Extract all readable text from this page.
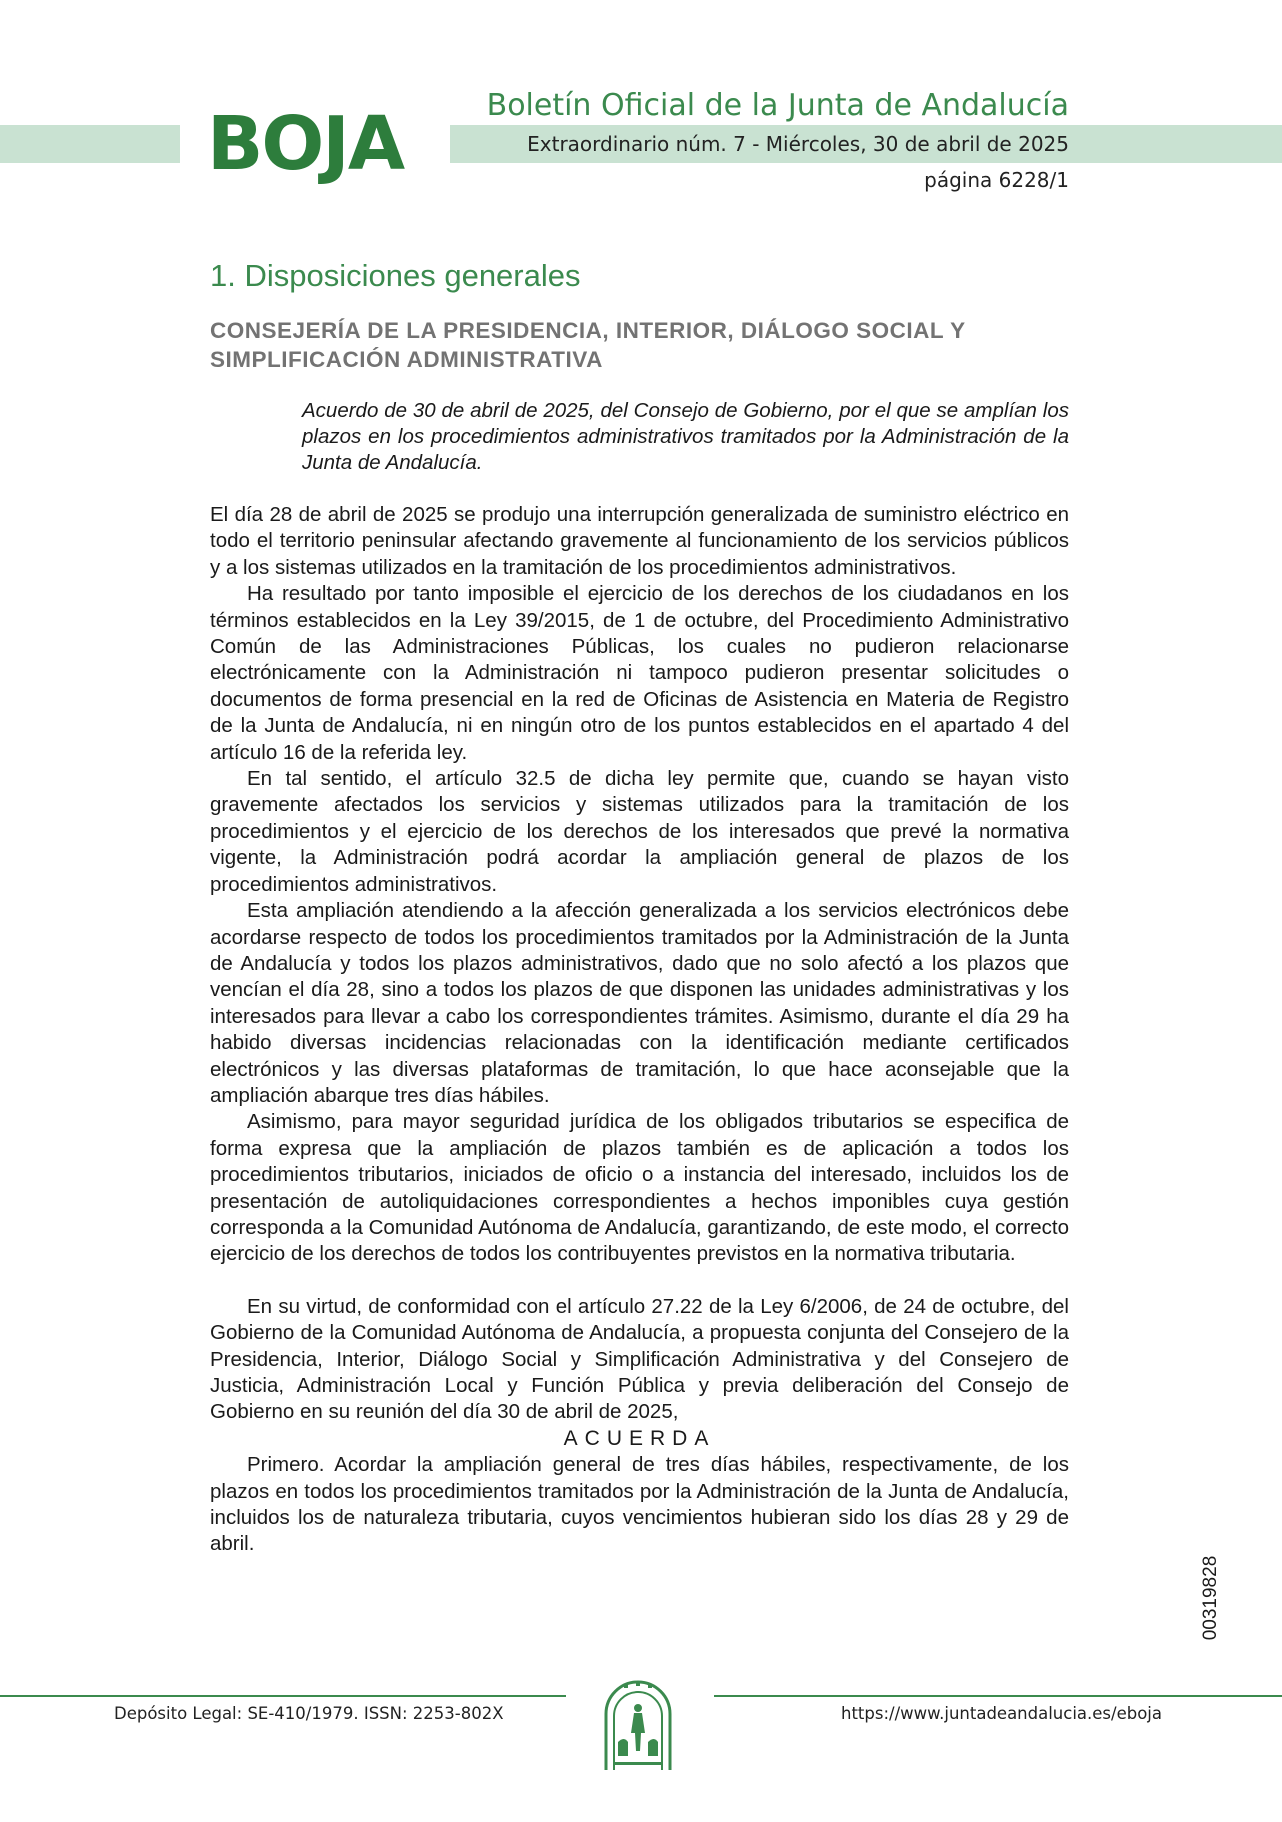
BOJA	Boletín Oficial de la Junta de Andalucía
Extraordinario núm. 7 - Miércoles, 30 de abril de 2025
página 6228/1
1. Disposiciones generales
CONSEJERÍA DE LA PRESIDENCIA, INTERIOR, DIÁLOGO SOCIAL Y SIMPLIFICACIÓN ADMINISTRATIVA
Acuerdo de 30 de abril de 2025, del Consejo de Gobierno, por el que se amplían los plazos en los procedimientos administrativos tramitados por la Administración de la Junta de Andalucía.

El día 28 de abril de 2025 se produjo una interrupción generalizada de suministro eléctrico en todo el territorio peninsular afectando gravemente al funcionamiento de los servicios públicos y a los sistemas utilizados en la tramitación de los procedimientos administrativos.

Ha resultado por tanto imposible el ejercicio de los derechos de los ciudadanos en los términos establecidos en la Ley 39/2015, de 1 de octubre, del Procedimiento Administrativo Común de las Administraciones Públicas, los cuales no pudieron relacionarse electrónicamente con la Administración ni tampoco pudieron presentar solicitudes o documentos de forma presencial en la red de Oficinas de Asistencia en Materia de Registro de la Junta de Andalucía, ni en ningún otro de los puntos establecidos en el apartado 4 del artículo 16 de la referida ley.

En tal sentido, el artículo 32.5 de dicha ley permite que, cuando se hayan visto gravemente afectados los servicios y sistemas utilizados para la tramitación de los procedimientos y el ejercicio de los derechos de los interesados que prevé la normativa vigente, la Administración podrá acordar la ampliación general de plazos de los procedimientos administrativos.

Esta ampliación atendiendo a la afección generalizada a los servicios electrónicos debe acordarse respecto de todos los procedimientos tramitados por la Administración de la Junta de Andalucía y todos los plazos administrativos, dado que no solo afectó a los plazos que vencían el día 28, sino a todos los plazos de que disponen las unidades administrativas y los interesados para llevar a cabo los correspondientes trámites. Asimismo, durante el día 29 ha habido diversas incidencias relacionadas con la identificación mediante certificados electrónicos y las diversas plataformas de tramitación, lo que hace aconsejable que la ampliación abarque tres días hábiles.

Asimismo, para mayor seguridad jurídica de los obligados tributarios se especifica de forma expresa que la ampliación de plazos también es de aplicación a todos los procedimientos tributarios, iniciados de oficio o a instancia del interesado, incluidos los de presentación de autoliquidaciones correspondientes a hechos imponibles cuya gestión corresponda a la Comunidad Autónoma de Andalucía, garantizando, de este modo, el correcto ejercicio de los derechos de todos los contribuyentes previstos en la normativa tributaria.

En su virtud, de conformidad con el artículo 27.22 de la Ley 6/2006, de 24 de octubre, del Gobierno de la Comunidad Autónoma de Andalucía, a propuesta conjunta del Consejero de la Presidencia, Interior, Diálogo Social y Simplificación Administrativa y del Consejero de Justicia, Administración Local y Función Pública y previa deliberación del Consejo de Gobierno en su reunión del día 30 de abril de 2025,

ACUERDA

Primero. Acordar la ampliación general de tres días hábiles, respectivamente, de los plazos en todos los procedimientos tramitados por la Administración de la Junta de Andalucía, incluidos los de naturaleza tributaria, cuyos vencimientos hubieran sido los días 28 y 29 de abril.

00319828
Depósito Legal: SE-410/1979. ISSN: 2253-802X	https://www.juntadeandalucia.es/eboja
